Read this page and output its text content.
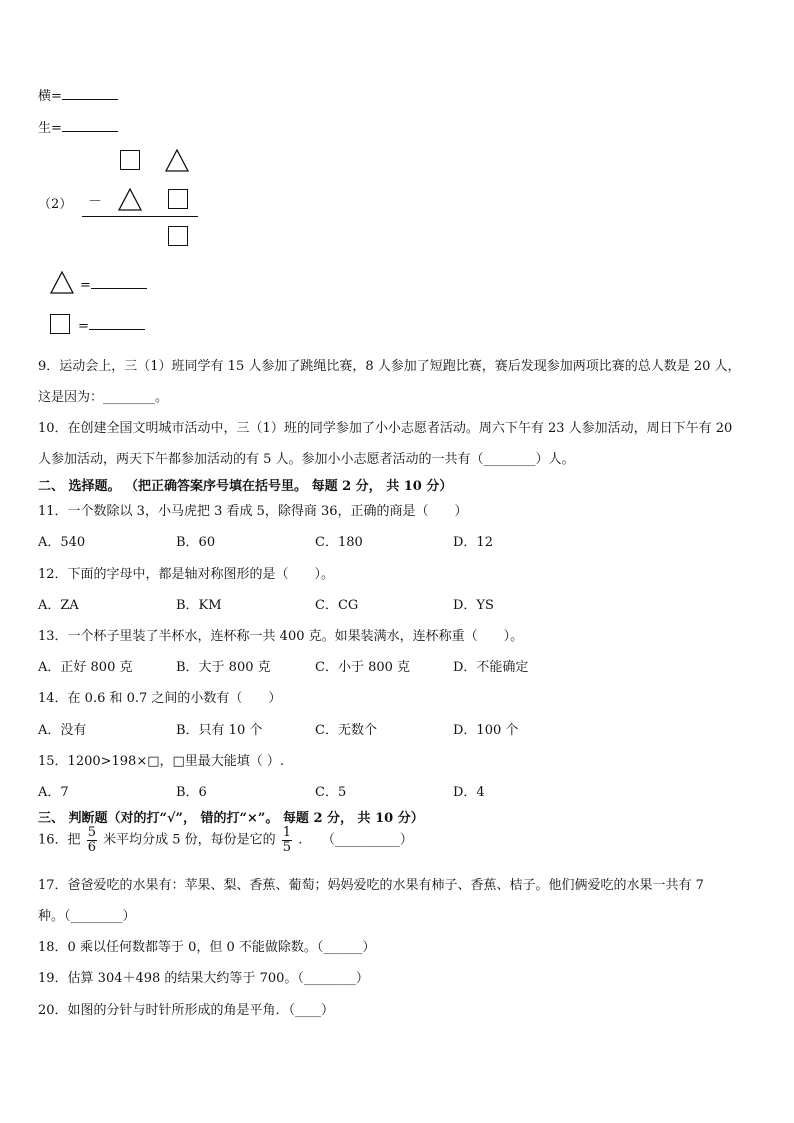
横=
生=
（2） －
=
=
9．运动会上，三（1）班同学有 15 人参加了跳绳比赛，8 人参加了短跑比赛，赛后发现参加两项比赛的总人数是 20 人，
这是因为：________。
10．在创建全国文明城市活动中，三（1）班的同学参加了小小志愿者活动。周六下午有 23 人参加活动，周日下午有 20
人参加活动，两天下午都参加活动的有 5 人。参加小小志愿者活动的一共有（________）人。
二、 选择题。 （把正确答案序号填在括号里。 每题 2 分， 共 10 分）
11．一个数除以 3，小马虎把 3 看成 5，除得商 36，正确的商是（　　）
A．540	B．60	C．180	D．12
12．下面的字母中，都是轴对称图形的是（　　）。
A．ZA	B．KM	C．CG	D．YS
13．一个杯子里装了半杯水，连杯称一共 400 克。如果装满水，连杯称重（　　）。
A．正好 800 克	B．大于 800 克	C．小于 800 克	D．不能确定
14．在 0.6 和 0.7 之间的小数有（　　）
A．没有	B．只有 10 个	C．无数个	D．100 个
15．1200>198×□，□里最大能填（ ）.
A．7	B．6	C．5	D．4
三、 判断题（对的打“√”， 错的打“×”。 每题 2 分， 共 10 分）
16．把 $\frac{5}{6}$ 米平均分成 5 份，每份是它的 $\frac{1}{5}$ .　　（__________）
17．爸爸爱吃的水果有：苹果、梨、香蕉、葡萄；妈妈爱吃的水果有柿子、香蕉、桔子。他们俩爱吃的水果一共有 7
种。（________）
18．0 乘以任何数都等于 0，但 0 不能做除数。（______）
19．估算 304＋498 的结果大约等于 700。（________）
20．如图的分针与时针所形成的角是平角．（____）
